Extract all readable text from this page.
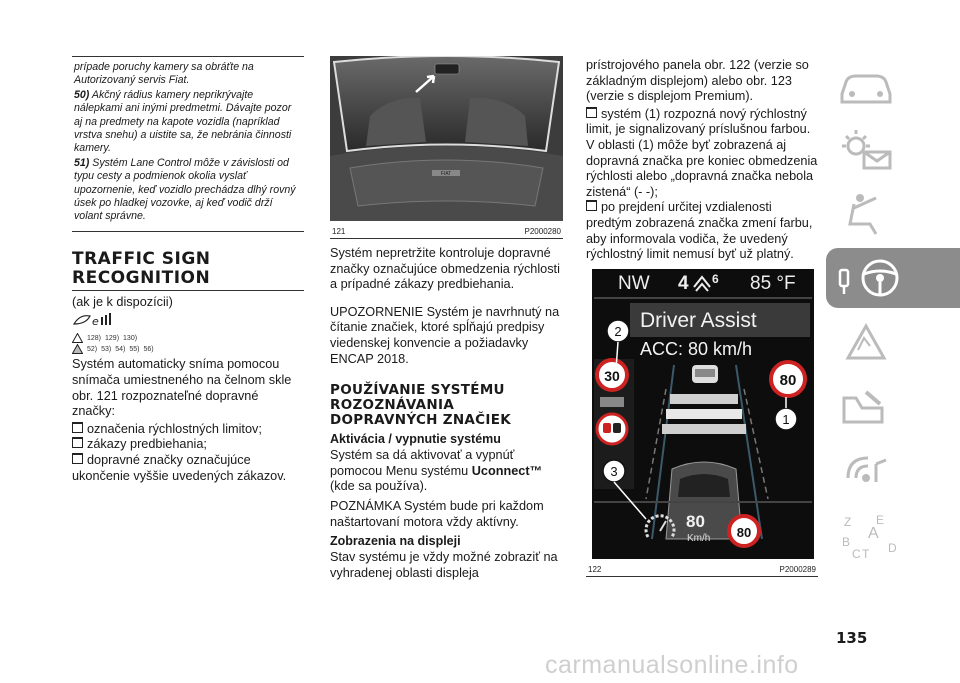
prípade poruchy kamery sa obráťte na Autorizovaný servis Fiat.

50) Akčný rádius kamery neprikrývajte nálepkami ani inými predmetmi. Dávajte pozor aj na predmety na kapote vozidla (napríklad vrstva snehu) a uistite sa, že nebránia činnosti kamery.

51) Systém Lane Control môže v závislosti od typu cesty a podmienok okolia vyslať upozornenie, keď vozidlo prechádza dlhý rovný úsek po hladkej vozovke, aj keď vodič drží volant správne.

TRAFFIC SIGN
RECOGNITION

(ak je k dispozícii)

e
128) 129) 130)
52) 53) 54) 55) 56)

Systém automaticky sníma pomocou snímača umiestneného na čelnom skle obr. 121 rozpoznateľné dopravné značky:

označenia rýchlostných limitov;

zákazy predbiehania;

dopravné značky označujúce ukončenie vyššie uvedených zákazov.

FIAT
121	P2000280

Systém nepretržite kontroluje dopravné značky označujúce obmedzenia rýchlosti a prípadné zákazy predbiehania.

UPOZORNENIE Systém je navrhnutý na čítanie značiek, ktoré spĺňajú predpisy viedenskej konvencie a požiadavky ENCAP 2018.

POUŽÍVANIE SYSTÉMU ROZOZNÁVANIA DOPRAVNÝCH ZNAČIEK
Aktivácia / vypnutie systému

Systém sa dá aktivovať a vypnúť pomocou Menu systému Uconnect™ (kde sa používa).

POZNÁMKA Systém bude pri každom naštartovaní motora vždy aktívny.

Zobrazenia na displeji

Stav systému je vždy možné zobraziť na vyhradenej oblasti displeja

prístrojového panela obr. 122 (verzie so základným displejom) alebo obr. 123 (verzie s displejom Premium).

systém (1) rozpozná nový rýchlostný limit, je signalizovaný príslušnou farbou. V oblasti (1) môže byť zobrazená aj dopravná značka pre koniec obmedzenia rýchlosti alebo „dopravná značka nebola zistená“ (- -);

po prejdení určitej vzdialenosti predtým zobrazená značka zmení farbu, aby informovala vodiča, že uvedený rýchlostný limit nemusí byť už platný.

NW 4 6 85 °F
Driver Assist
ACC: 80 km/h
30	80
80
Km/h 80
2
1
3
122	P2000289
Z E
A
B
C D
T
135
carmanualsonline.info
